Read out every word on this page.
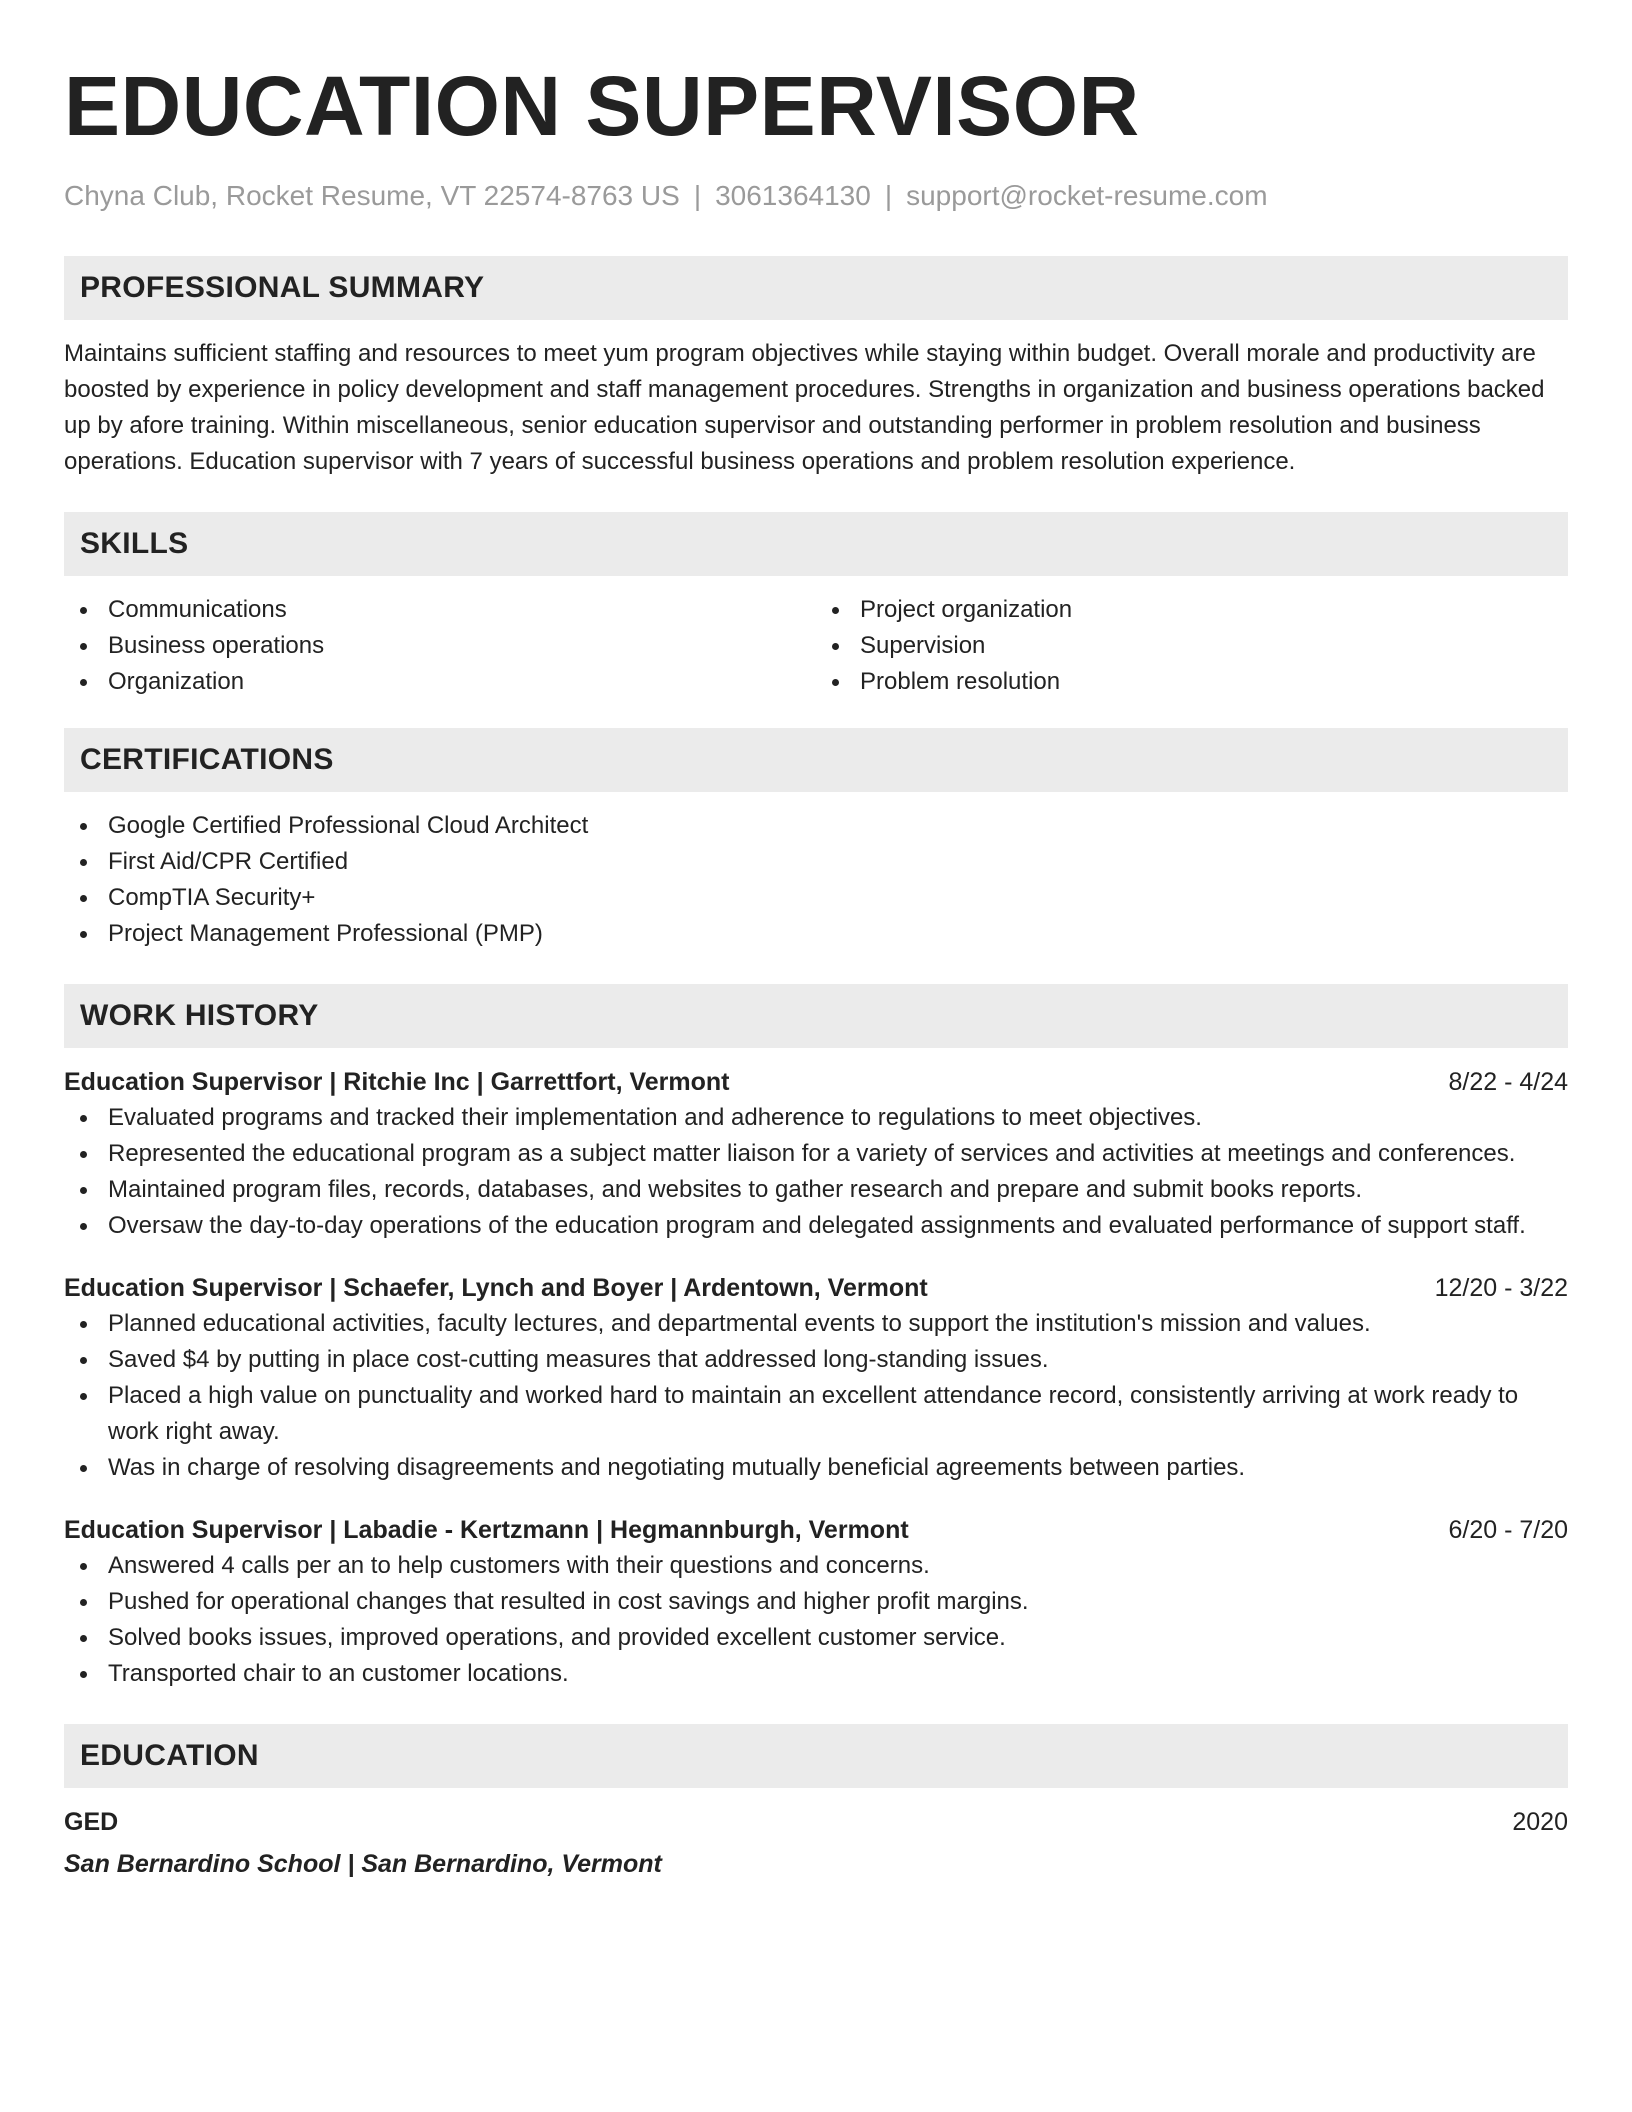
EDUCATION SUPERVISOR
Chyna Club, Rocket Resume, VT 22574-8763 US | 3061364130 | support@rocket-resume.com
PROFESSIONAL SUMMARY
Maintains sufficient staffing and resources to meet yum program objectives while staying within budget. Overall morale and productivity are boosted by experience in policy development and staff management procedures. Strengths in organization and business operations backed up by afore training. Within miscellaneous, senior education supervisor and outstanding performer in problem resolution and business operations. Education supervisor with 7 years of successful business operations and problem resolution experience.
SKILLS
Communications
Business operations
Organization
Project organization
Supervision
Problem resolution
CERTIFICATIONS
Google Certified Professional Cloud Architect
First Aid/CPR Certified
CompTIA Security+
Project Management Professional (PMP)
WORK HISTORY
Education Supervisor | Ritchie Inc | Garrettfort, Vermont	8/22 - 4/24
Evaluated programs and tracked their implementation and adherence to regulations to meet objectives.
Represented the educational program as a subject matter liaison for a variety of services and activities at meetings and conferences.
Maintained program files, records, databases, and websites to gather research and prepare and submit books reports.
Oversaw the day-to-day operations of the education program and delegated assignments and evaluated performance of support staff.
Education Supervisor | Schaefer, Lynch and Boyer | Ardentown, Vermont	12/20 - 3/22
Planned educational activities, faculty lectures, and departmental events to support the institution's mission and values.
Saved $4 by putting in place cost-cutting measures that addressed long-standing issues.
Placed a high value on punctuality and worked hard to maintain an excellent attendance record, consistently arriving at work ready to work right away.
Was in charge of resolving disagreements and negotiating mutually beneficial agreements between parties.
Education Supervisor | Labadie - Kertzmann | Hegmannburgh, Vermont	6/20 - 7/20
Answered 4 calls per an to help customers with their questions and concerns.
Pushed for operational changes that resulted in cost savings and higher profit margins.
Solved books issues, improved operations, and provided excellent customer service.
Transported chair to an customer locations.
EDUCATION
GED	2020
San Bernardino School | San Bernardino, Vermont
